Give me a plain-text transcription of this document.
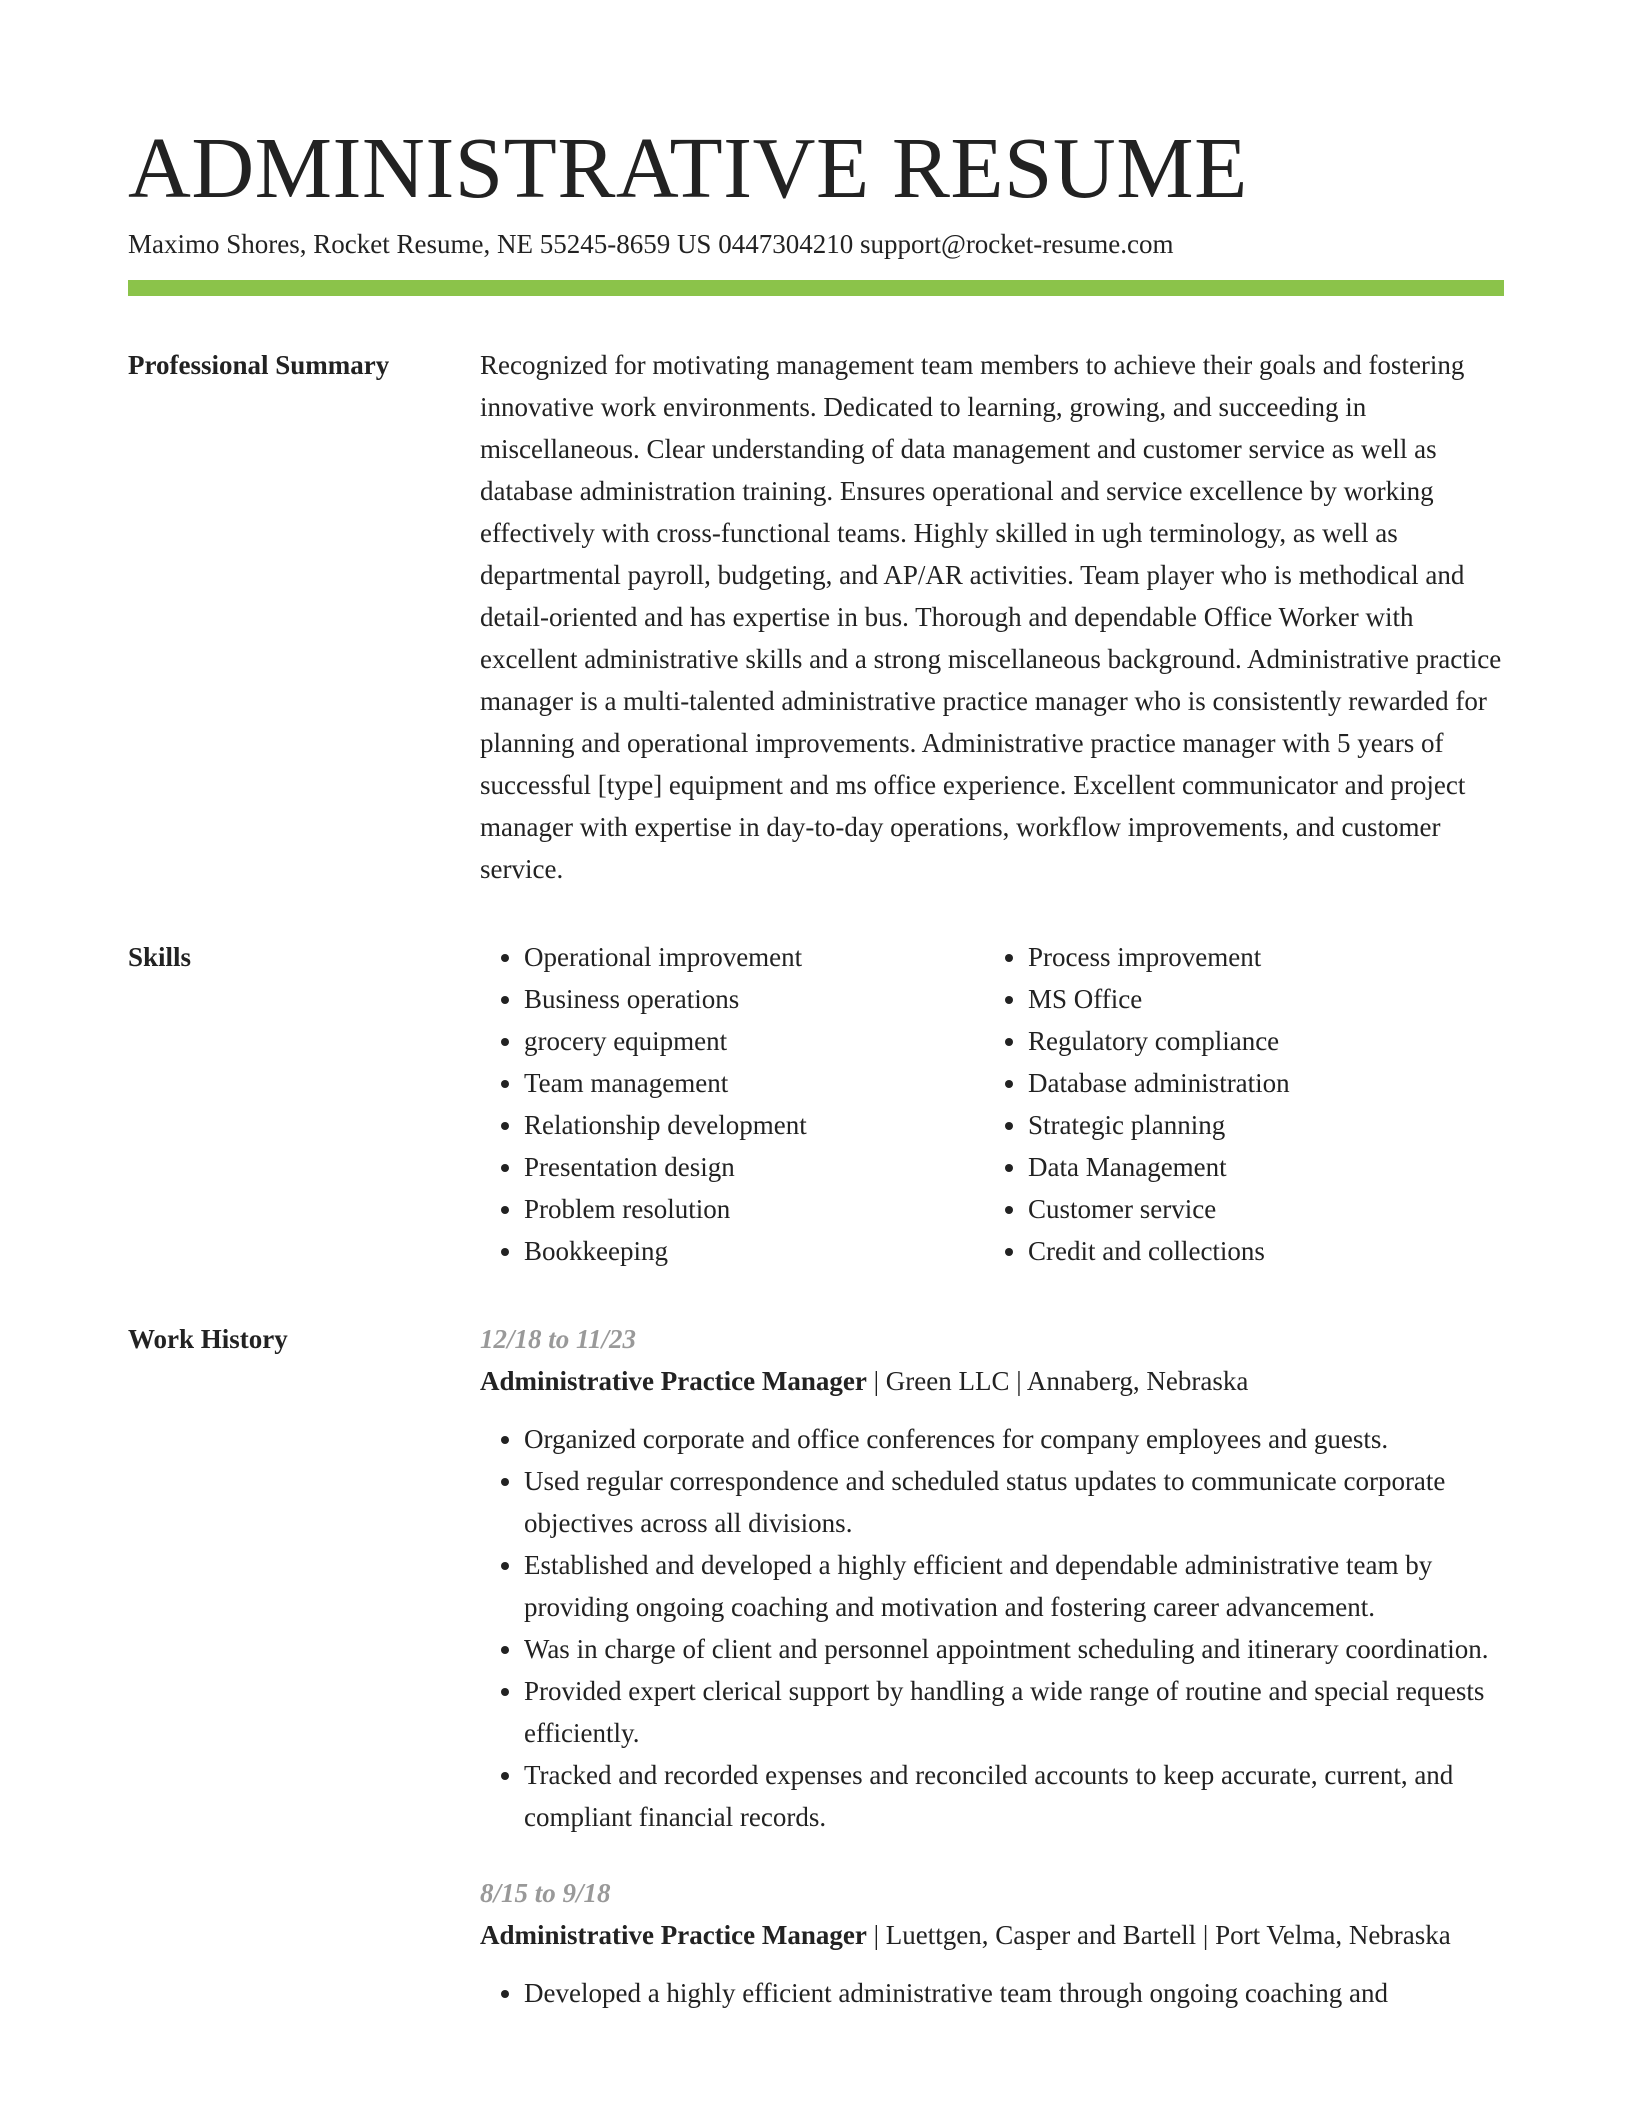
ADMINISTRATIVE RESUME
Maximo Shores, Rocket Resume, NE 55245-8659 US 0447304210 support@rocket-resume.com
Professional Summary	Recognized for motivating management team members to achieve their goals and fostering innovative work environments. Dedicated to learning, growing, and succeeding in miscellaneous. Clear understanding of data management and customer service as well as database administration training. Ensures operational and service excellence by working effectively with cross-functional teams. Highly skilled in ugh terminology, as well as departmental payroll, budgeting, and AP/AR activities. Team player who is methodical and detail-oriented and has expertise in bus. Thorough and dependable Office Worker with excellent administrative skills and a strong miscellaneous background. Administrative practice manager is a multi-talented administrative practice manager who is consistently rewarded for planning and operational improvements. Administrative practice manager with 5 years of successful [type] equipment and ms office experience. Excellent communicator and project manager with expertise in day-to-day operations, workflow improvements, and customer service.

Skills
•	Operational improvement
• Business operations
• grocery equipment
• Team management
• Relationship development
• Presentation design
• Problem resolution
• Bookkeeping
• Process improvement
• MS Office
• Regulatory compliance
• Database administration
• Strategic planning
• Data Management
• Customer service
• Credit and collections
Work History	12/18 to 11/23
Administrative Practice Manager | Green LLC | Annaberg, Nebraska
• Organized corporate and office conferences for company employees and guests.
• Used regular correspondence and scheduled status updates to communicate corporate objectives across all divisions.
• Established and developed a highly efficient and dependable administrative team by providing ongoing coaching and motivation and fostering career advancement.
• Was in charge of client and personnel appointment scheduling and itinerary coordination.
• Provided expert clerical support by handling a wide range of routine and special requests efficiently.
• Tracked and recorded expenses and reconciled accounts to keep accurate, current, and compliant financial records.
8/15 to 9/18
Administrative Practice Manager | Luettgen, Casper and Bartell | Port Velma, Nebraska
• Developed a highly efficient administrative team through ongoing coaching and
